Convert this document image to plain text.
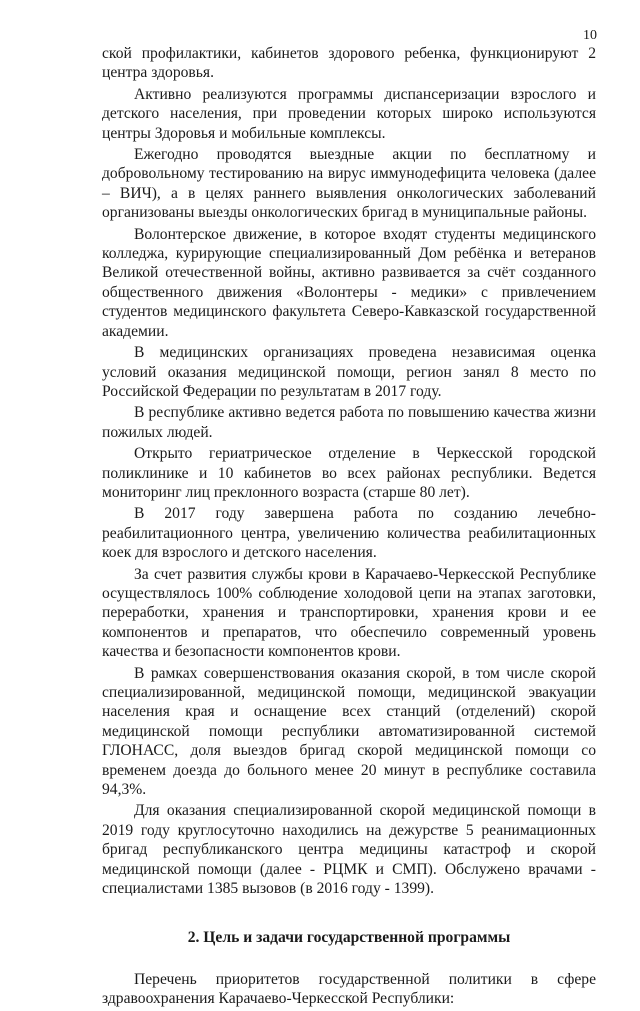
10

ской профилактики, кабинетов здорового ребенка, функционируют 2 центра здоровья.

Активно реализуются программы диспансеризации взрослого и детского населения, при проведении которых широко используются центры Здоровья и мобильные комплексы.

Ежегодно проводятся выездные акции по бесплатному и добровольному тестированию на вирус иммунодефицита человека (далее – ВИЧ), а в целях раннего выявления онкологических заболеваний организованы выезды онкологических бригад в муниципальные районы.

Волонтерское движение, в которое входят студенты медицинского колледжа, курирующие специализированный Дом ребёнка и ветеранов Великой отечественной войны, активно развивается за счёт созданного общественного движения «Волонтеры - медики» с привлечением студентов медицинского факультета Северо-Кавказской государственной академии.

В медицинских организациях проведена независимая оценка условий оказания медицинской помощи, регион занял 8 место по Российской Федерации по результатам в 2017 году.

В республике активно ведется работа по повышению качества жизни пожилых людей.

Открыто гериатрическое отделение в Черкесской городской поликлинике и 10 кабинетов во всех районах республики. Ведется мониторинг лиц преклонного возраста (старше 80 лет).

В 2017 году завершена работа по созданию лечебно-реабилитационного центра, увеличению количества реабилитационных коек для взрослого и детского населения.

За счет развития службы крови в Карачаево-Черкесской Республике осуществлялось 100% соблюдение холодовой цепи на этапах заготовки, переработки, хранения и транспортировки, хранения крови и ее компонентов и препаратов, что обеспечило современный уровень качества и безопасности компонентов крови.

В рамках совершенствования оказания скорой, в том числе скорой специализированной, медицинской помощи, медицинской эвакуации населения края и оснащение всех станций (отделений) скорой медицинской помощи республики автоматизированной системой ГЛОНАСС, доля выездов бригад скорой медицинской помощи со временем доезда до больного менее 20 минут в республике составила 94,3%.

Для оказания специализированной скорой медицинской помощи в 2019 году круглосуточно находились на дежурстве 5 реанимационных бригад республиканского центра медицины катастроф и скорой медицинской помощи (далее - РЦМК и СМП). Обслужено врачами - специалистами 1385 вызовов (в 2016 году - 1399).

2. Цель и задачи государственной программы

Перечень приоритетов государственной политики в сфере здравоохранения Карачаево-Черкесской Республики:
